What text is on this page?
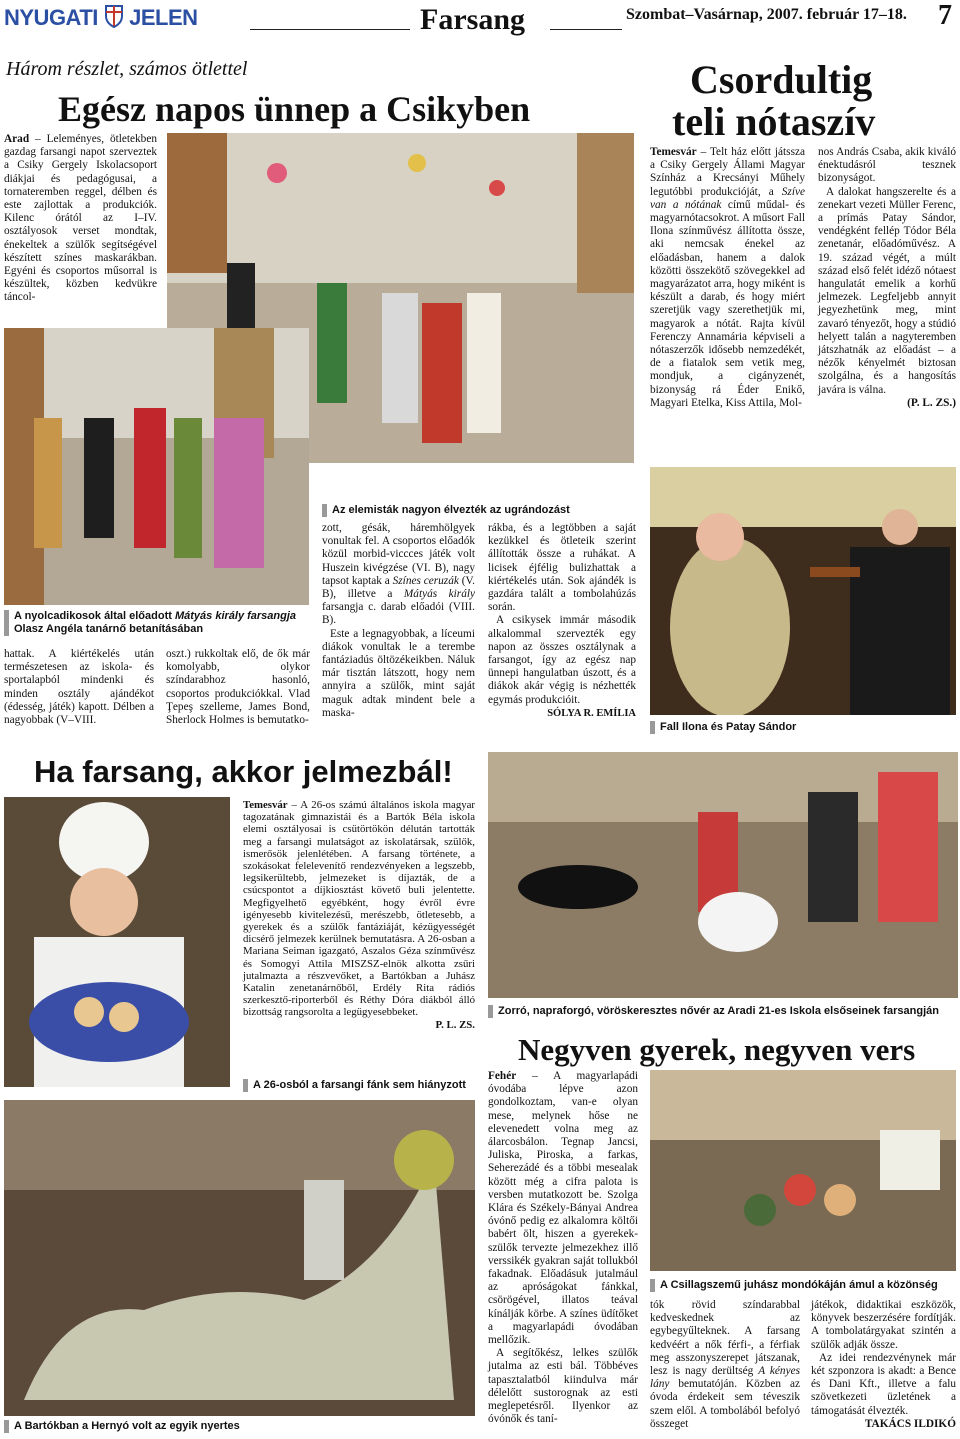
NYUGATI JELEN	Farsang	Szombat–Vasárnap, 2007. február 17–18. 7
Három részlet, számos ötlettel
Egész napos ünnep a Csikyben

Arad – Leleményes, ötletekben gazdag farsangi napot szerveztek a Csiky Gergely Iskolacsoport diákjai és pedagógusai, a tornateremben reggel, délben és este zajlottak a produkciók. Kilenc órától az I–IV. osztályosok verset mondtak, énekeltek a szülők segítségével készített színes maskarákban. Egyéni és csoportos műsorral is készültek, közben kedvükre táncol-

A nyolcadikosok által előadott Mátyás király farsangja
Olasz Angéla tanárnő betanításában

hattak. A kiértékelés után természetesen az iskola- és sportalapból mindenki és minden osztály ajándékot (édesség, játék) kapott. Délben a nagyobbak (V–VIII.

oszt.) rukkoltak elő, de ők már komolyabb, olykor színdarabhoz hasonló, csoportos produkciókkal. Vlad Ţepeş szelleme, James Bond, Sherlock Holmes is bemutatko-

Az elemisták nagyon élvezték az ugrándozást

zott, gésák, háremhölgyek vonultak fel. A csoportos előadók közül morbid-viccces játék volt Huszein kivégzése (VI. B), nagy tapsot kaptak a Színes ceruzák (V. B), illetve a Mátyás király farsangja c. darab előadói (VIII. B).

Este a legnagyobbak, a líceumi diákok vonultak le a terembe fantáziadús öltözékeikben. Náluk már tisztán látszott, hogy nem annyira a szülők, mint saját maguk adtak mindent bele a maska-

rákba, és a legtöbben a saját kezükkel és ötleteik szerint állították össze a ruhákat. A licisek éjfélig bulizhattak a kiértékelés után. Sok ajándék is gazdára talált a tombolahúzás során.

A csikysek immár második alkalommal szervezték egy napon az összes osztálynak a farsangot, így az egész nap ünnepi hangulatban úszott, és a diákok akár végig is nézhették egymás produkcióit.

SÓLYA R. EMÍLIA
Csordultig
teli nótaszív

Temesvár – Telt ház előtt játssza a Csiky Gergely Állami Magyar Színház a Krecsányi Műhely legutóbbi produkcióját, a Szíve van a nótának című műdal- és magyarnótacsokrot. A műsort Fall Ilona színművész állította össze, aki nemcsak énekel az előadásban, hanem a dalok közötti összekötő szövegekkel ad magyarázatot arra, hogy miként is készült a darab, és hogy miért szeretjük vagy szerethetjük mi, magyarok a nótát. Rajta kívül Ferenczy Annamária képviseli a nótaszerzők idősebb nemzedékét, de a fiatalok sem vetik meg, mondjuk, a cigányzenét, bizonyság rá Éder Enikő, Magyari Etelka, Kiss Attila, Mol-

nos András Csaba, akik kiváló énektudásról tesznek bizonyságot.

A dalokat hangszerelte és a zenekart vezeti Müller Ferenc, a prímás Patay Sándor, vendégként fellép Tódor Béla zenetanár, előadóművész. A 19. század végét, a múlt század első felét idéző nótaest hangulatát emelik a korhű jelmezek. Legfeljebb annyit jegyezhetünk meg, mint zavaró tényezőt, hogy a stúdió helyett talán a nagyteremben játszhatnák az előadást – a nézők kényelmét biztosan szolgálna, és a hangosítás javára is válna.

(P. L. ZS.)
Fall Ilona és Patay Sándor
Ha farsang, akkor jelmezbál!

Temesvár – A 26-os számú általános iskola magyar tagozatának gimnazistái és a Bartók Béla iskola elemi osztályosai is csütörtökön délután tartották meg a farsangi mulatságot az iskolatársak, szülők, ismerősök jelenlétében. A farsang története, a szokásokat felelevenítő rendezvényeken a legszebb, legsikerültebb, jelmezeket is díjazták, de a csúcspontot a díjkiosztást követő buli jelentette. Megfigyelhető egyébként, hogy évről évre igényesebb kivitelezésű, merészebb, ötletesebb, a gyerekek és a szülők fantáziáját, kézügyességét dicsérő jelmezek kerülnek bemutatásra. A 26-osban a Mariana Seiman igazgató, Aszalos Géza színművész és Somogyi Attila MISZSZ-elnök alkotta zsűri jutalmazta a részvevőket, a Bartókban a Juhász Katalin zenetanárnőből, Erdély Rita rádiós szerkesztő-riporterből és Réthy Dóra diákból álló bizottság rangsorolta a legügyesebbeket.

P. L. ZS.
A 26-osból a farsangi fánk sem hiányzott
A Bartókban a Hernyó volt az egyik nyertes
Zorró, napraforgó, vöröskeresztes nővér az Aradi 21-es Iskola elsőseinek farsangján
Negyven gyerek, negyven vers

Fehér – A magyarlapádi óvodába lépve azon gondolkoztam, van-e olyan mese, melynek hőse ne elevenedett volna meg az álarcosbálon. Tegnap Jancsi, Juliska, Piroska, a farkas, Seherezádé és a többi mesealak között még a cifra palota is versben mutatkozott be. Szolga Klára és Székely-Bányai Andrea óvónő pedig ez alkalomra költői babért ölt, hiszen a gyerekek-szülők tervezte jelmezekhez illő verssikék gyakran saját tollukból fakadnak. Előadásuk jutalmául az apróságokat fánkkal, csörögével, illatos teával kínálják körbe. A színes üdítőket a magyarlapádi óvodában mellőzik.

A segítőkész, lelkes szülők jutalma az esti bál. Többéves tapasztalatból kiindulva már délelőtt sustorognak az esti meglepetésről. Ilyenkor az óvónők és taní-

A Csillagszemű juhász mondókáján ámul a közönség

tók rövid színdarabbal kedveskednek az egybegyűlteknek. A farsang kedvéért a nők férfi-, a férfiak meg asszonyszerepet játszanak, lesz is nagy derültség A kényes lány bemutatóján. Közben az óvoda érdekeit sem téveszik szem elől. A tombolából befolyó összeget

játékok, didaktikai eszközök, könyvek beszerzésére fordítják. A tombolatárgyakat szintén a szülők adják össze.

Az idei rendezvénynek már két szponzora is akadt: a Bence és Dani Kft., illetve a falu szövetkezeti üzletének a támogatását élvezték.

TAKÁCS ILDIKÓ
